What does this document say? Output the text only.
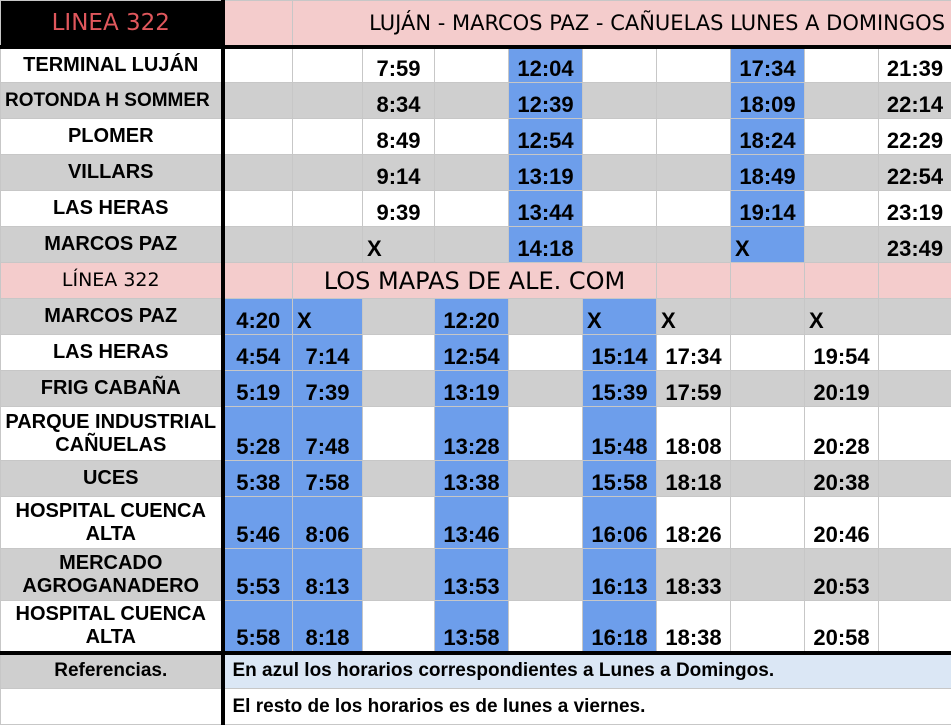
LINEA 322		LUJÁN - MARCOS PAZ - CAÑUELAS LUNES A DOMINGOS								
TERMINAL LUJÁN			7:59		12:04			17:34		21:39
ROTONDA H SOMMER			8:34		12:39			18:09		22:14
PLOMER			8:49		12:54			18:24		22:29
VILLARS			9:14		13:19			18:49		22:54
LAS HERAS			9:39		13:44			19:14		23:19
MARCOS PAZ			X		14:18			X		23:49
LÍNEA 322		LOS MAPAS DE ALE. COM								
MARCOS PAZ	4:20	X		12:20		X	X		X	
LAS HERAS	4:54	7:14		12:54		15:14	17:34		19:54	
FRIG CABAÑA	5:19	7:39		13:19		15:39	17:59		20:19	
PARQUE INDUSTRIAL CAÑUELAS	5:28	7:48		13:28		15:48	18:08		20:28	
UCES	5:38	7:58		13:38		15:58	18:18		20:38	
HOSPITAL CUENCA ALTA	5:46	8:06		13:46		16:06	18:26		20:46	
MERCADO AGROGANADERO	5:53	8:13		13:53		16:13	18:33		20:53	
HOSPITAL CUENCA ALTA	5:58	8:18		13:58		16:18	18:38		20:58	
Referencias.	En azul los horarios correspondientes a Lunes a Domingos.									
	El resto de los horarios es de lunes a viernes.									
